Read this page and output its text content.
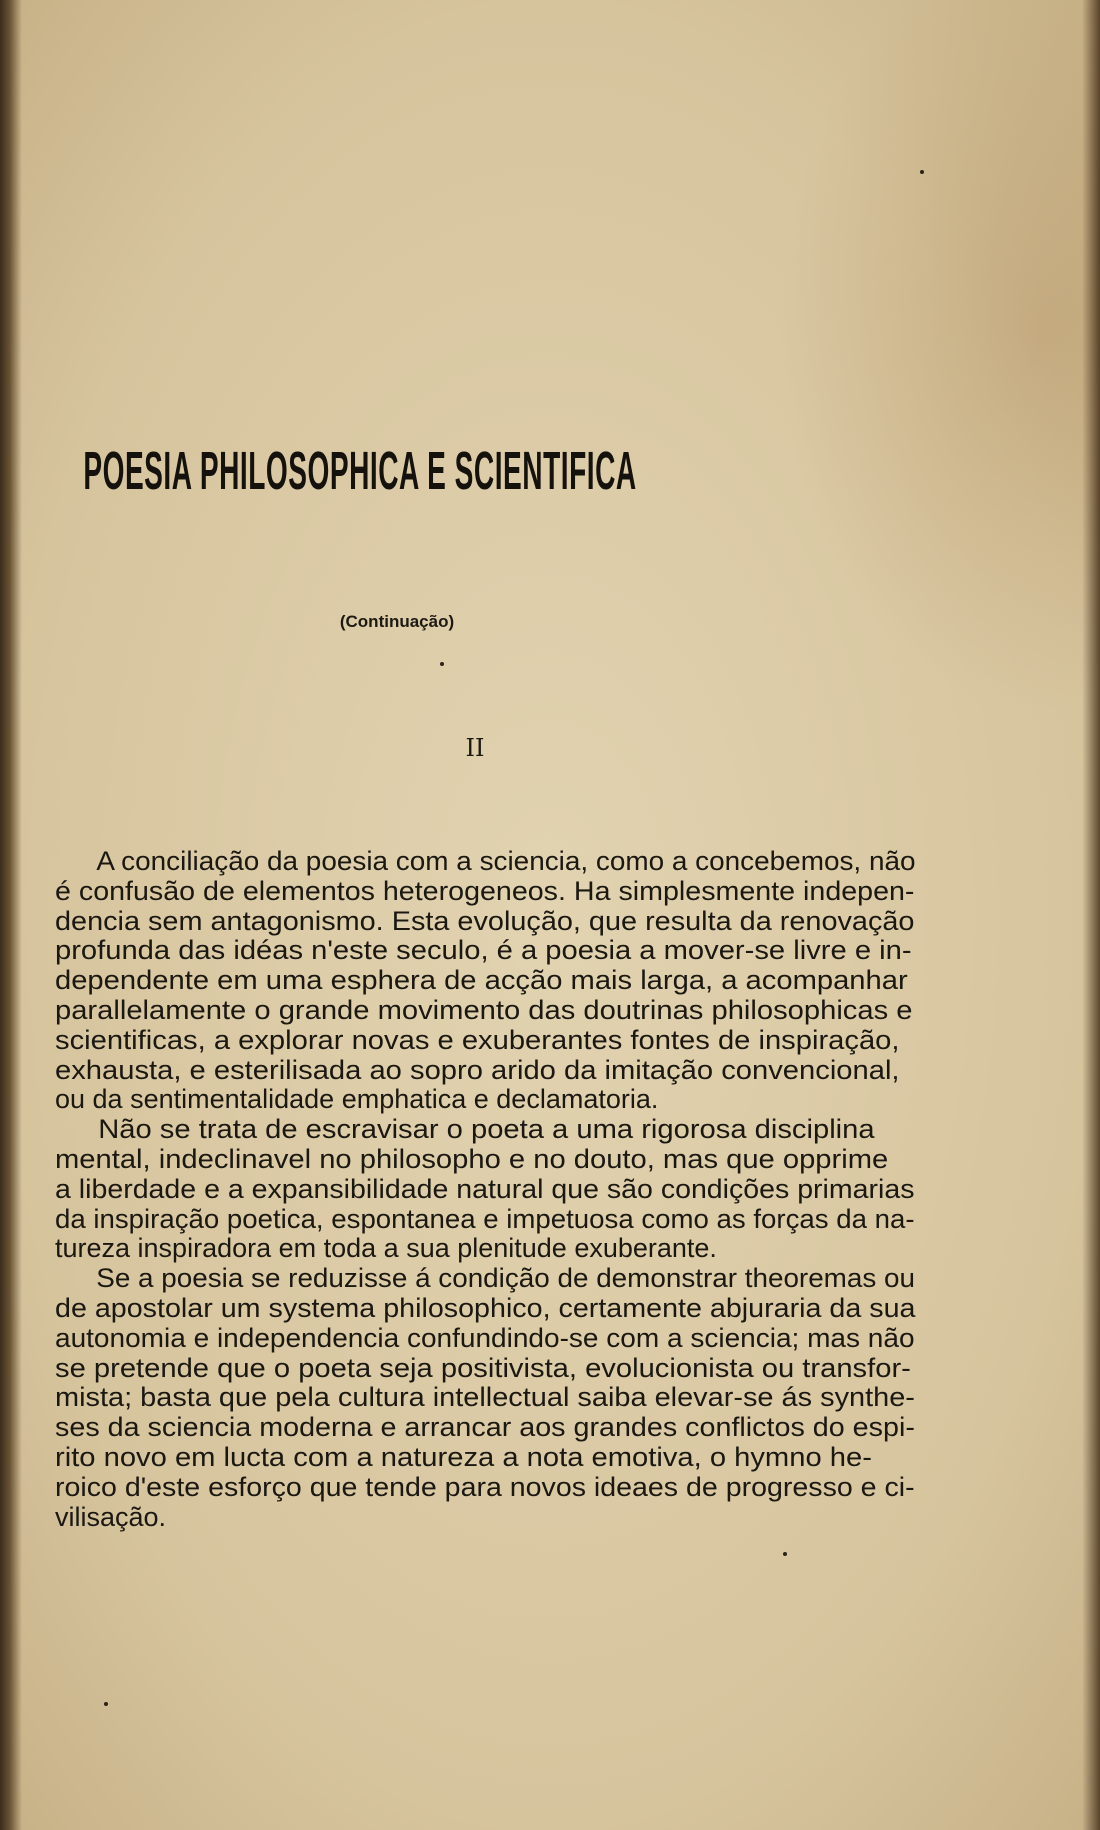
POESIA PHILOSOPHICA E SCIENTIFICA
(Continuação)
II
A conciliação da poesia com a sciencia, como a concebemos, não
é confusão de elementos heterogeneos. Ha simplesmente indepen-
dencia sem antagonismo. Esta evolução, que resulta da renovação
profunda das idéas n'este seculo, é a poesia a mover-se livre e in-
dependente em uma esphera de acção mais larga, a acompanhar
parallelamente o grande movimento das doutrinas philosophicas e
scientificas, a explorar novas e exuberantes fontes de inspiração,
exhausta, e esterilisada ao sopro arido da imitação convencional,
ou da sentimentalidade emphatica e declamatoria.
Não se trata de escravisar o poeta a uma rigorosa disciplina
mental, indeclinavel no philosopho e no douto, mas que opprime
a liberdade e a expansibilidade natural que são condições primarias
da inspiração poetica, espontanea e impetuosa como as forças da na-
tureza inspiradora em toda a sua plenitude exuberante.
Se a poesia se reduzisse á condição de demonstrar theoremas ou
de apostolar um systema philosophico, certamente abjuraria da sua
autonomia e independencia confundindo-se com a sciencia; mas não
se pretende que o poeta seja positivista, evolucionista ou transfor-
mista; basta que pela cultura intellectual saiba elevar-se ás synthe-
ses da sciencia moderna e arrancar aos grandes conflictos do espi-
rito novo em lucta com a natureza a nota emotiva, o hymno he-
roico d'este esforço que tende para novos ideaes de progresso e ci-
vilisação.
